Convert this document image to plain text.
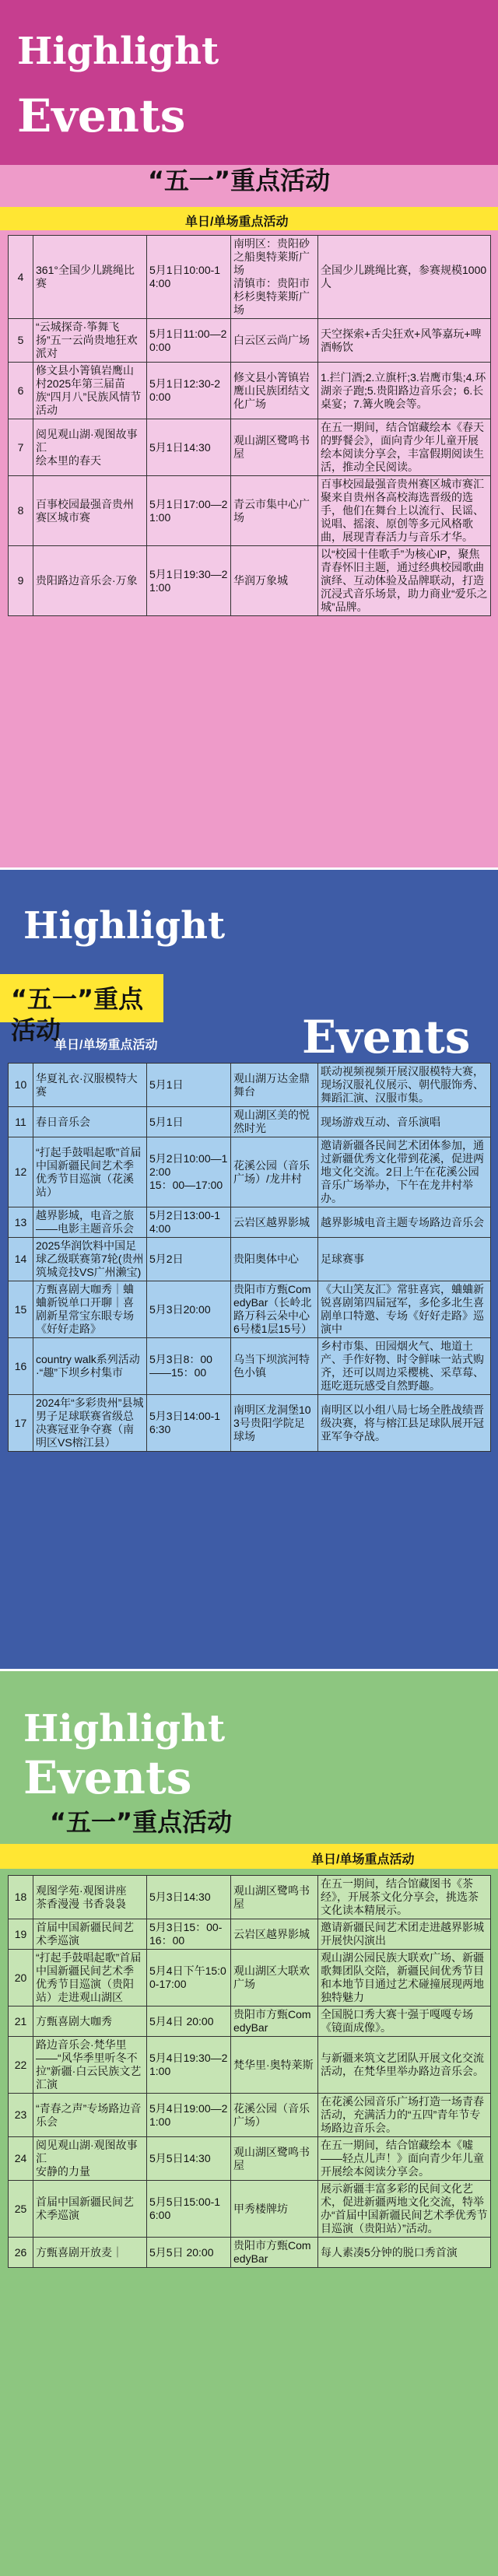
Highlight
Events
“五一”重点活动
单日/单场重点活动
4	361°全国少儿跳绳比赛	5月1日10:00-14:00	南明区：贵阳砂之船奥特莱斯广场
清镇市：贵阳市杉杉奥特莱斯广场	全国少儿跳绳比赛，参赛规模1000人
5	“云城探奇·筝舞飞扬”五一云尚贵地狂欢派对	5月1日11:00—20:00	白云区云尚广场	天空探索+舌尖狂欢+风筝嘉玩+啤酒畅饮
6	修文县小箐镇岩鹰山村2025年第三届苗族“四月八”民族风情节活动	5月1日12:30-20:00	修文县小箐镇岩鹰山民族团结文化广场	1.拦门酒;2.立旗杆;3.岩鹰市集;4.环湖亲子跑;5.贵阳路边音乐会；6.长桌宴；7.篝火晚会等。
7	阅见观山湖·观图故事汇
绘本里的春天	5月1日14:30	观山湖区鹭鸣书屋	在五一期间，结合馆藏绘本《春天的野餐会》，面向青少年儿童开展绘本阅读分享会，丰富假期阅读生活，推动全民阅读。
8	百事校园最强音贵州赛区城市赛	5月1日17:00—21:00	青云市集中心广场	百事校园最强音贵州赛区城市赛汇聚来自贵州各高校海选晋级的选手，他们在舞台上以流行、民谣、说唱、摇滚、原创等多元风格歌曲，展现青春活力与音乐才华。
9	贵阳路边音乐会·万象	5月1日19:30—21:00	华润万象城	以“校园十佳歌手”为核心IP，聚焦青春怀旧主题，通过经典校园歌曲演绎、互动体验及品牌联动，打造沉浸式音乐场景，助力商业“爱乐之城”品牌。
Highlight
“五一”重点活动	Events
单日/单场重点活动
10	华夏礼衣·汉服模特大赛	5月1日	观山湖万达金鼎舞台	联动视频视频开展汉服模特大赛，现场汉服礼仪展示、朝代服饰秀、舞蹈汇演、汉服市集。
11	春日音乐会	5月1日	观山湖区美的悦然时光	现场游戏互动、音乐演唱
12	“打起手鼓唱起歌”首届中国新疆民间艺术季优秀节目巡演（花溪站）	5月2日10:00—12:00
15：00—17:00	花溪公园（音乐广场）/龙井村	邀请新疆各民间艺术团体参加，通过新疆优秀文化带到花溪，促进两地文化交流。2日上午在花溪公园音乐广场举办，下午在龙井村举办。
13	越界影城，电音之旅——电影主题音乐会	5月2日13:00-14:00	云岩区越界影城	越界影城电音主题专场路边音乐会
14	2025华润饮料中国足球乙级联赛第7轮(贵州筑城竞技VS广州濑宝)	5月2日	贵阳奥体中心	足球赛事
15	方甄喜剧大咖秀｜蛐蛐新锐单口开聊｜喜剧新星常宝东眼专场《好好走路》	5月3日20:00	贵阳市方甄ComedyBar（长岭北路万科云朵中心6号楼1层15号）	《大山笑友汇》常驻喜宾，蛐蛐新锐喜剧第四届冠军，多伦多北生喜剧单口特邀、专场《好好走路》巡演中
16	country walk系列活动·“趣”下坝乡村集市	5月3日8：00——15：00	乌当下坝滨河特色小镇	乡村市集、田园烟火气、地道土产、手作好物、时令鲜味一站式购齐，还可以周边采樱桃、采草莓、逛吃逛玩感受自然野趣。
17	2024年“多彩贵州”县城男子足球联赛省级总决赛冠亚争夺赛（南明区VS榕江县）	5月3日14:00-16:30	南明区龙洞堡103号贵阳学院足球场	南明区以小组八局七场全胜战绩晋级决赛，将与榕江县足球队展开冠亚军争夺战。
Highlight
Events
“五一”重点活动
单日/单场重点活动
18	观图学苑·观图讲座
茶香漫漫 书香袅袅	5月3日14:30	观山湖区鹭鸣书屋	在五一期间，结合馆藏图书《茶经》，开展茶文化分享会，挑选茶文化读本精展示。
19	首届中国新疆民间艺术季巡演	5月3日15：00-16：00	云岩区越界影城	邀请新疆民间艺术团走进越界影城开展快闪演出
20	“打起手鼓唱起歌”首届中国新疆民间艺术季优秀节目巡演（贵阳站）走进观山湖区	5月4日下午15:00-17:00	观山湖区大联欢广场	观山湖公园民族大联欢广场、新疆歌舞团队交陪，新疆民间优秀节目和本地节目通过艺术碰撞展现两地独特魅力
21	方甄喜剧大咖秀	5月4日 20:00	贵阳市方甄ComedyBar	全国脱口秀大赛十强于嘎嘎专场《镜面成像》。
22	路边音乐会·梵华里——“风华季里听冬不拉”新疆·白云民族文艺汇演	5月4日19:30—21:00	梵华里·奥特莱斯	与新疆来筑文艺团队开展文化交流活动，在梵华里举办路边音乐会。
23	“青春之声”专场路边音乐会	5月4日19:00—21:00	花溪公园（音乐广场）	在花溪公园音乐广场打造一场青春活动，充满活力的“五四”青年节专场路边音乐会。
24	阅见观山湖·观图故事汇
安静的力量	5月5日14:30	观山湖区鹭鸣书屋	在五一期间，结合馆藏绘本《嘘——轻点儿声！》面向青少年儿童开展绘本阅读分享会。
25	首届中国新疆民间艺术季巡演	5月5日15:00-16:00	甲秀楼牌坊	展示新疆丰富多彩的民间文化艺术，促进新疆两地文化交流，特举办“首届中国新疆民间艺术季优秀节目巡演（贵阳站）”活动。
26	方甄喜剧开放麦｜	5月5日 20:00	贵阳市方甄ComedyBar	每人素凑5分钟的脱口秀首演
